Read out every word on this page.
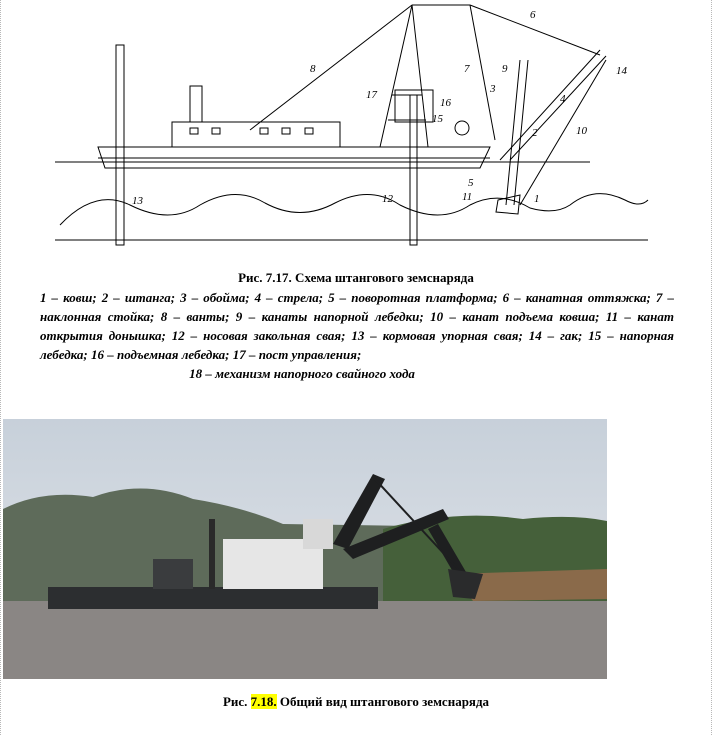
1
2
3
4
5
6
7
8	9
10
11
12
13
14
15
16
17
Рис. 7.17. Схема штангового земснаряда
1 – ковш; 2 – штанга; 3 – обойма; 4 – стрела; 5 – поворотная платформа; 6 – канатная оттяжка; 7 – наклонная стойка; 8 – ванты; 9 – канаты напорной лебедки; 10 – канат подъема ковша; 11 – канат открытия донышка; 12 – носовая закольная свая; 13 – кормовая упорная свая; 14 – гак; 15 – напорная лебедка; 16 – подъемная лебедка; 17 – пост управления;
18 – механизм напорного свайного хода
Рис. 7.18. Общий вид штангового земснаряда
